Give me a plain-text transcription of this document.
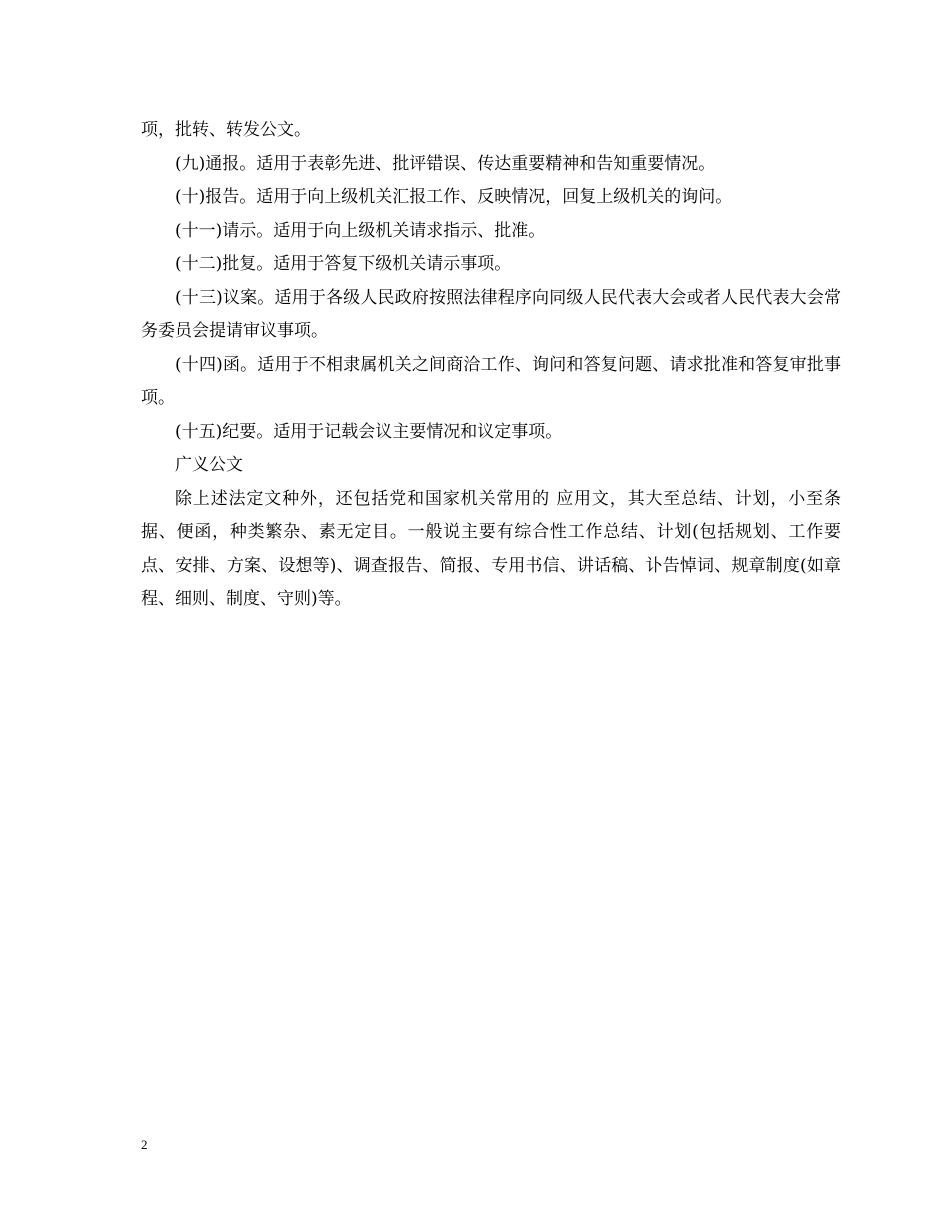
项，批转、转发公文。

(九)通报。适用于表彰先进、批评错误、传达重要精神和告知重要情况。

(十)报告。适用于向上级机关汇报工作、反映情况，回复上级机关的询问。

(十一)请示。适用于向上级机关请求指示、批准。

(十二)批复。适用于答复下级机关请示事项。

(十三)议案。适用于各级人民政府按照法律程序向同级人民代表大会或者人民代表大会常务委员会提请审议事项。

(十四)函。适用于不相隶属机关之间商洽工作、询问和答复问题、请求批准和答复审批事项。

(十五)纪要。适用于记载会议主要情况和议定事项。

广义公文

除上述法定文种外，还包括党和国家机关常用的 应用文，其大至总结、计划，小至条据、便函，种类繁杂、素无定目。一般说主要有综合性工作总结、计划(包括规划、工作要点、安排、方案、设想等)、调查报告、简报、专用书信、讲话稿、讣告悼词、规章制度(如章程、细则、制度、守则)等。

2
